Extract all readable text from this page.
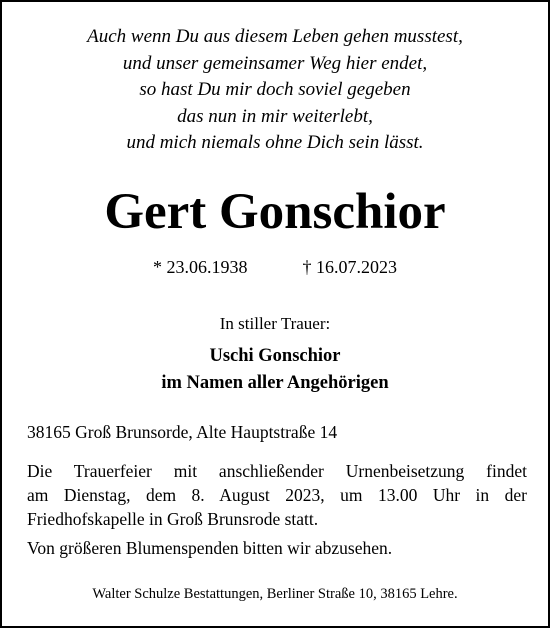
Auch wenn Du aus diesem Leben gehen musstest,
und unser gemeinsamer Weg hier endet,
so hast Du mir doch soviel gegeben
das nun in mir weiterlebt,
und mich niemals ohne Dich sein lässt.
Gert Gonschior
* 23.06.1938	† 16.07.2023
In stiller Trauer:
Uschi Gonschior
im Namen aller Angehörigen
38165 Groß Brunsorde, Alte Hauptstraße 14
Die Trauerfeier mit anschließender Urnenbeisetzung findet
am Dienstag, dem 8. August 2023, um 13.00 Uhr in der
Friedhofskapelle in Groß Brunsrode statt.
Von größeren Blumenspenden bitten wir abzusehen.
Walter Schulze Bestattungen, Berliner Straße 10, 38165 Lehre.
